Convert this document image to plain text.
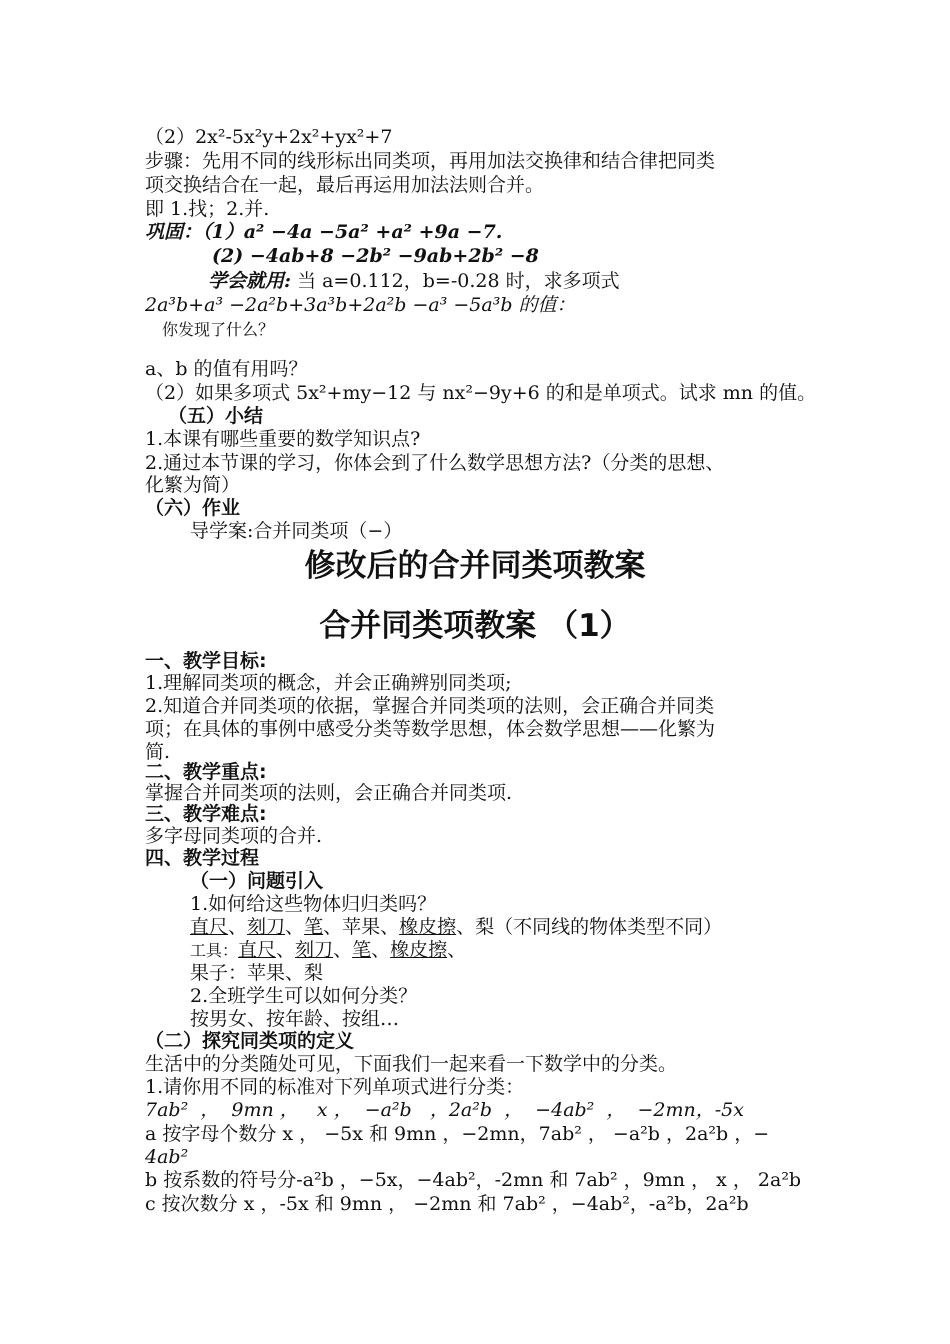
（2）2x²-5x²y+2x²+yx²+7
步骤：先用不同的线形标出同类项，再用加法交换律和结合律把同类
项交换结合在一起，最后再运用加法法则合并。
即 1.找；2.并.
巩固：（1）a² −4a −5a² +a² +9a −7.
(2) −4ab+8 −2b² −9ab+2b² −8
学会就用: 当 a=0.112，b=-0.28 时，求多项式
2a³b+a³ −2a²b+3a³b+2a²b −a³ −5a³b 的值：
你发现了什么？
a、b 的值有用吗？
（2）如果多项式 5x²+my−12 与 nx²−9y+6 的和是单项式。试求 mn 的值。
（五）小结
1.本课有哪些重要的数学知识点?
2.通过本节课的学习，你体会到了什么数学思想方法?（分类的思想、
化繁为简）
（六）作业
导学案:合并同类项（−）
修改后的合并同类项教案
合并同类项教案 （1）
一、教学目标:
1.理解同类项的概念，并会正确辨别同类项;
2.知道合并同类项的依据，掌握合并同类项的法则，会正确合并同类
项；在具体的事例中感受分类等数学思想，体会数学思想——化繁为
简.
二、教学重点:
掌握合并同类项的法则，会正确合并同类项.
三、教学难点:
多字母同类项的合并.
四、教学过程
（一）问题引入
1.如何给这些物体归归类吗？
直尺、刻刀、笔、苹果、橡皮擦、梨（不同线的物体类型不同）
工具：直尺、刻刀、笔、橡皮擦、
果子：苹果、梨
2.全班学生可以如何分类？
按男女、按年龄、按组…
（二）探究同类项的定义
生活中的分类随处可见，下面我们一起来看一下数学中的分类。
1.请你用不同的标准对下列单项式进行分类：
7ab²  ，  9mn ，   x ，  −a²b   ，2a²b  ，  −4ab²  ，  −2mn，-5x
a 按字母个数分 x ， −5x 和 9mn ，−2mn，7ab² ， −a²b ，2a²b ，−
4ab²
b 按系数的符号分-a²b ，−5x，−4ab²，-2mn 和 7ab² ，9mn ， x ， 2a²b
c 按次数分 x ，-5x 和 9mn ， −2mn 和 7ab² ，−4ab²，-a²b，2a²b
